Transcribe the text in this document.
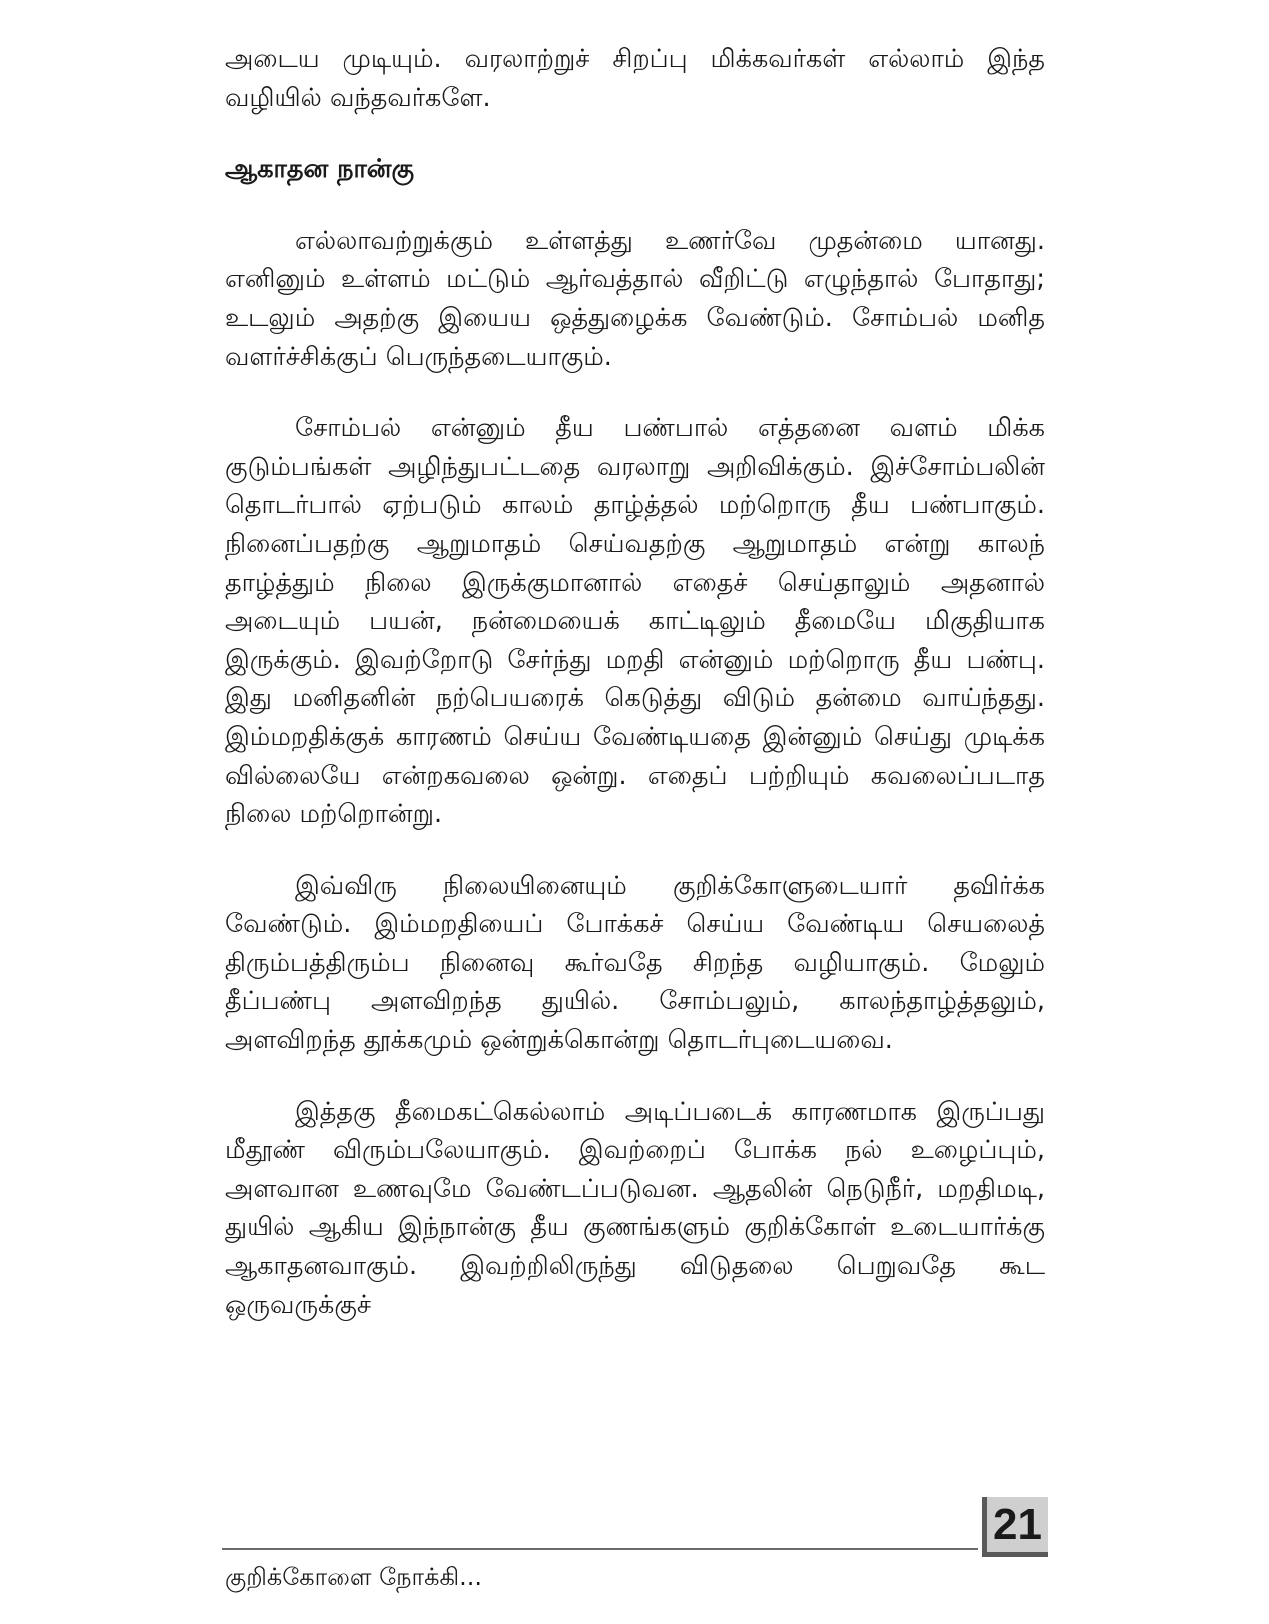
அடைய முடியும். வரலாற்றுச் சிறப்பு மிக்கவர்கள் எல்லாம் இந்த வழியில் வந்தவர்களே.

ஆகாதன நான்கு

எல்லாவற்றுக்கும் உள்ளத்து உணர்வே முதன்மை யானது. எனினும் உள்ளம் மட்டும் ஆர்வத்தால் வீறிட்டு எழுந்தால் போதாது; உடலும் அதற்கு இயைய ஒத்துழைக்க வேண்டும். சோம்பல் மனித வளர்ச்சிக்குப் பெருந்தடையாகும்.

சோம்பல் என்னும் தீய பண்பால் எத்தனை வளம் மிக்க குடும்பங்கள் அழிந்துபட்டதை வரலாறு அறிவிக்கும். இச்சோம்பலின் தொடர்பால் ஏற்படும் காலம் தாழ்த்தல் மற்றொரு தீய பண்பாகும். நினைப்பதற்கு ஆறுமாதம் செய்வதற்கு ஆறுமாதம் என்று காலந் தாழ்த்தும் நிலை இருக்குமானால் எதைச் செய்தாலும் அதனால் அடையும் பயன், நன்மையைக் காட்டிலும் தீமையே மிகுதியாக இருக்கும். இவற்றோடு சேர்ந்து மறதி என்னும் மற்றொரு தீய பண்பு. இது மனிதனின் நற்பெயரைக் கெடுத்து விடும் தன்மை வாய்ந்தது. இம்மறதிக்குக் காரணம் செய்ய வேண்டியதை இன்னும் செய்து முடிக்க வில்லையே என்றகவலை ஒன்று. எதைப் பற்றியும் கவலைப்படாத நிலை மற்றொன்று.

இவ்விரு நிலையினையும் குறிக்கோளுடையார் தவிர்க்க வேண்டும். இம்மறதியைப் போக்கச் செய்ய வேண்டிய செயலைத் திரும்பத்திரும்ப நினைவு கூர்வதே சிறந்த வழியாகும். மேலும் தீப்பண்பு அளவிறந்த துயில். சோம்பலும், காலந்தாழ்த்தலும், அளவிறந்த தூக்கமும் ஒன்றுக்கொன்று தொடர்புடையவை.

இத்தகு தீமைகட்கெல்லாம் அடிப்படைக் காரணமாக இருப்பது மீதூண் விரும்பலேயாகும். இவற்றைப் போக்க நல் உழைப்பும், அளவான உணவுமே வேண்டப்படுவன. ஆதலின் நெடுநீர், மறதிமடி, துயில் ஆகிய இந்நான்கு தீய குணங்களும் குறிக்கோள் உடையார்க்கு ஆகாதனவாகும். இவற்றிலிருந்து விடுதலை பெறுவதே கூட ஒருவருக்குச்

21
குறிக்கோளை நோக்கி...
